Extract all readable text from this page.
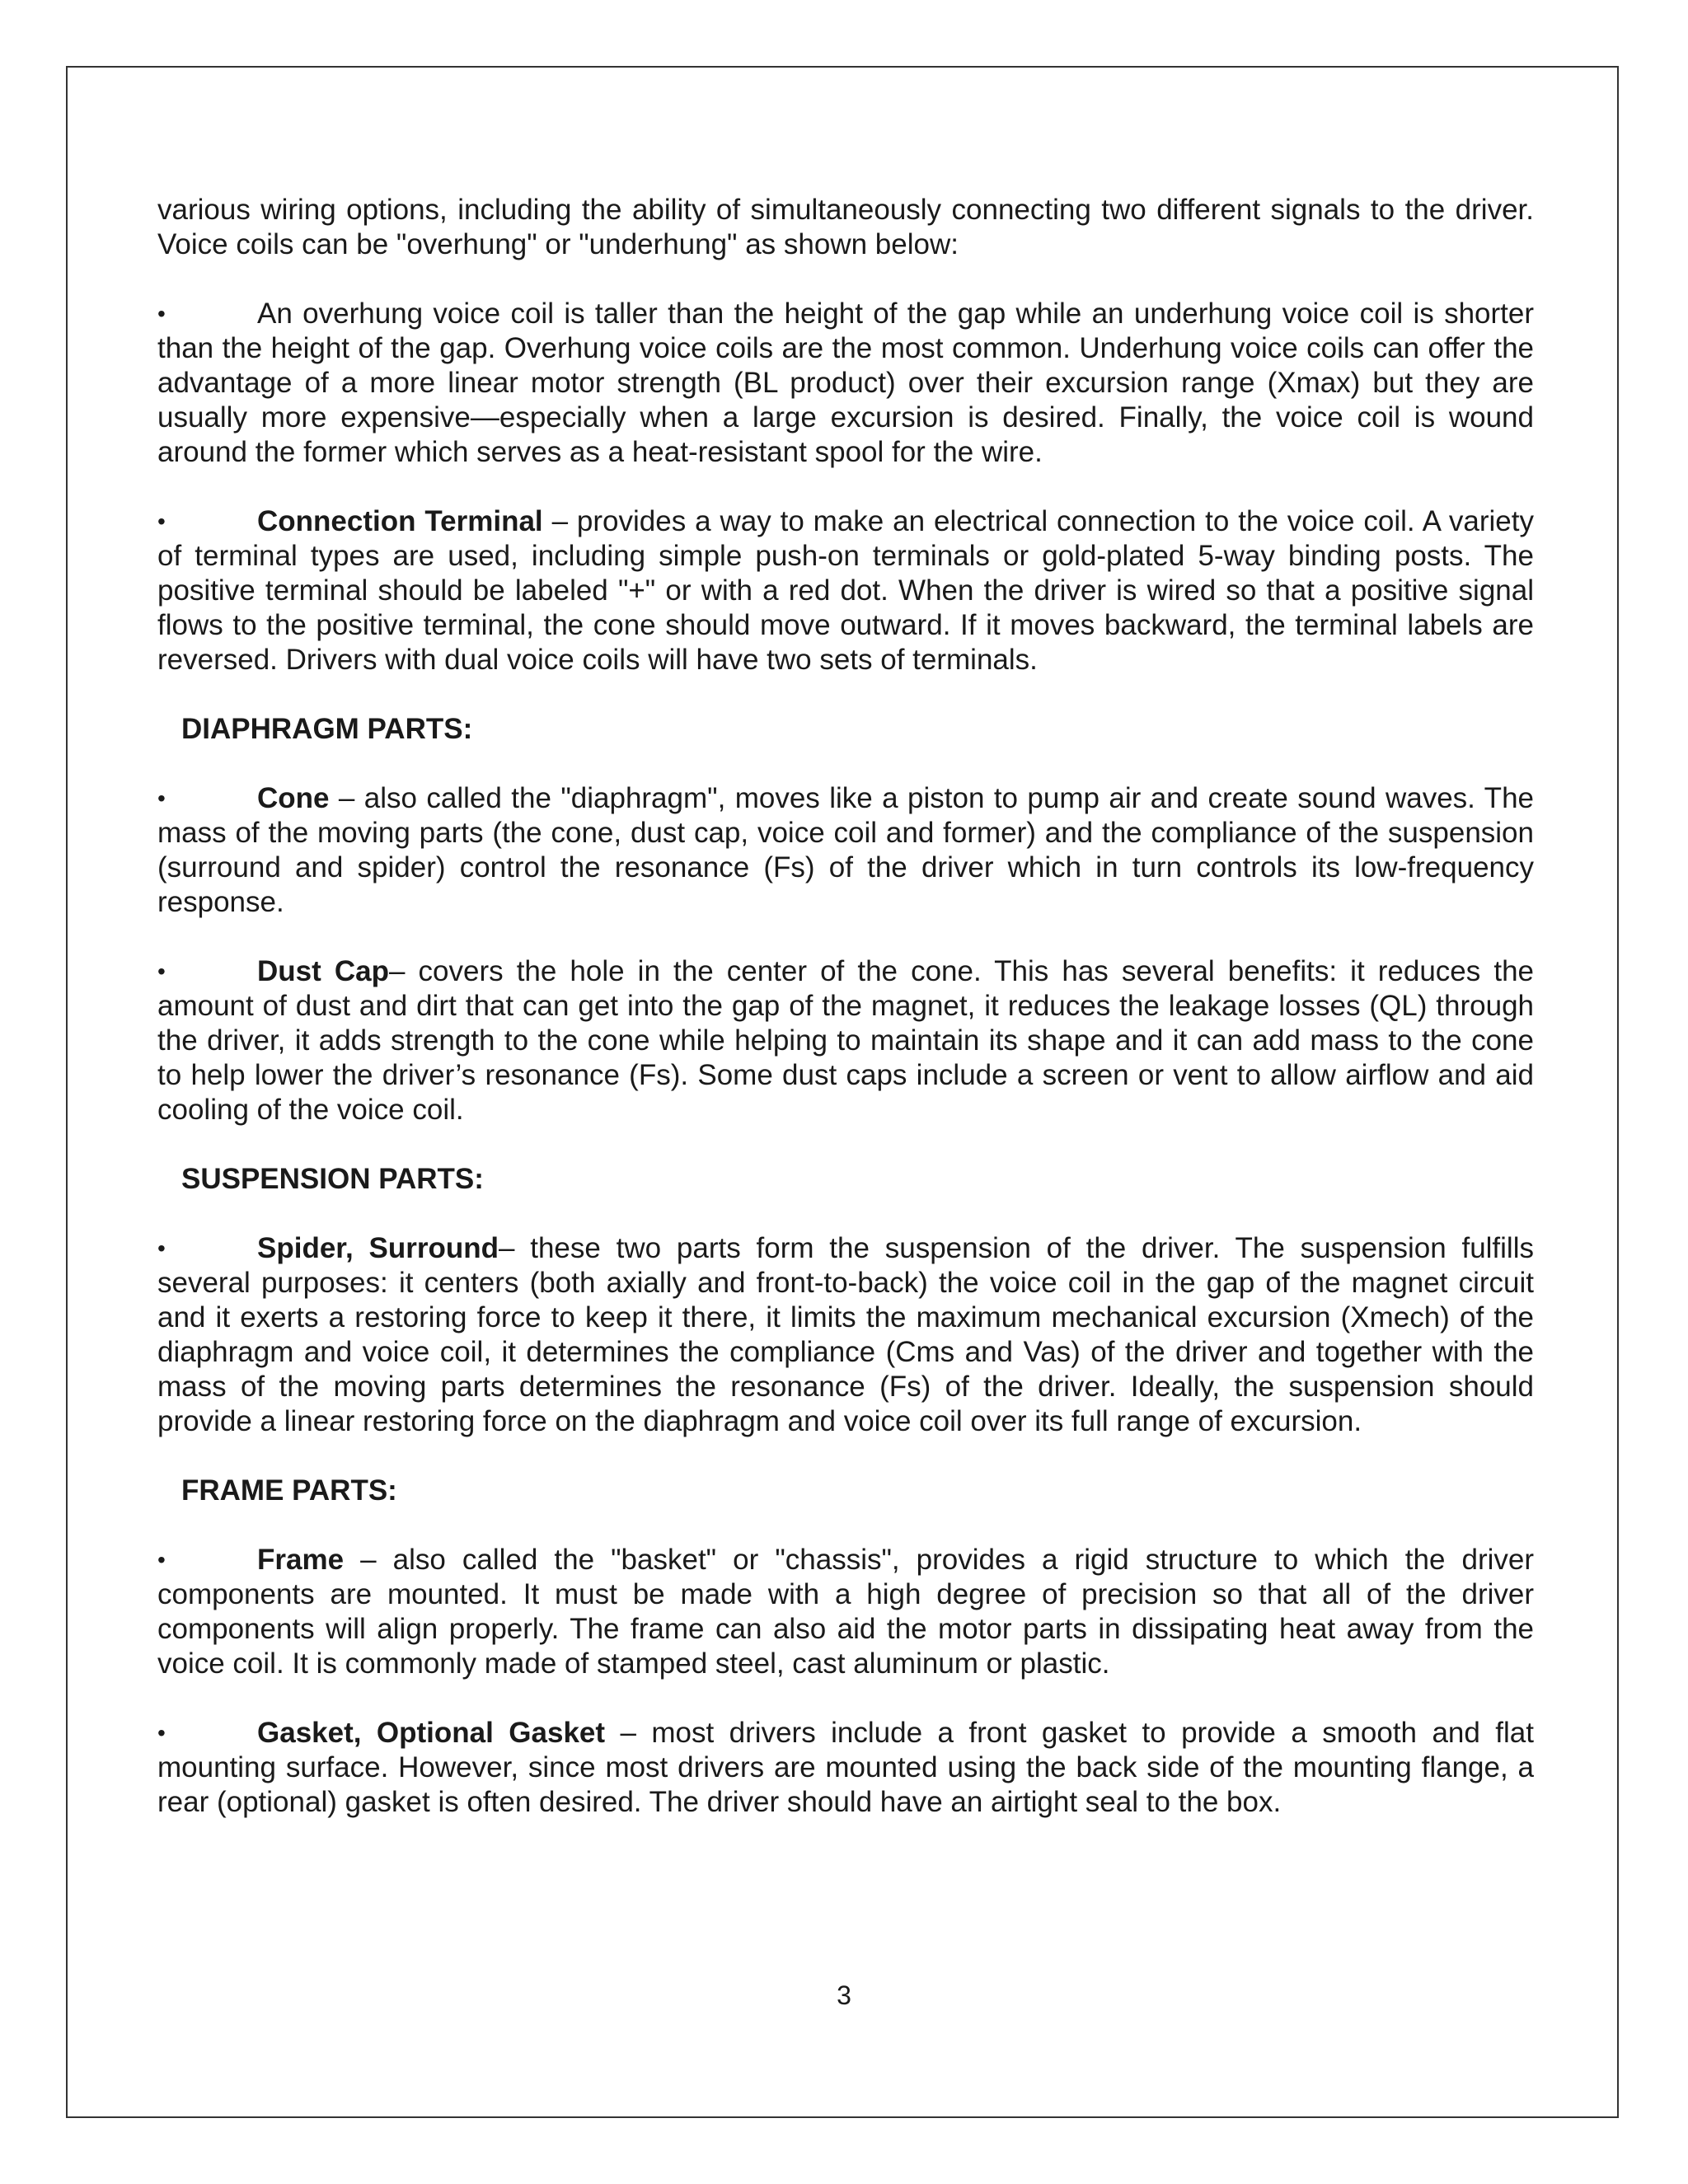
various wiring options, including the ability of simultaneously connecting two different signals to the driver. Voice coils can be "overhung" or "underhung" as shown below:

•	An overhung voice coil is taller than the height of the gap while an underhung voice coil is shorter than the height of the gap. Overhung voice coils are the most common. Underhung voice coils can offer the advantage of a more linear motor strength (BL product) over their excursion range (Xmax) but they are usually more expensive—especially when a large excursion is desired. Finally, the voice coil is wound around the former which serves as a heat-resistant spool for the wire.

•	Connection Terminal – provides a way to make an electrical connection to the voice coil. A variety of terminal types are used, including simple push-on terminals or gold-plated 5-way binding posts. The positive terminal should be labeled "+" or with a red dot. When the driver is wired so that a positive signal flows to the positive terminal, the cone should move outward. If it moves backward, the terminal labels are reversed. Drivers with dual voice coils will have two sets of terminals.

DIAPHRAGM PARTS:

•	Cone – also called the "diaphragm", moves like a piston to pump air and create sound waves. The mass of the moving parts (the cone, dust cap, voice coil and former) and the compliance of the suspension (surround and spider) control the resonance (Fs) of the driver which in turn controls its low-frequency response.

•	Dust Cap– covers the hole in the center of the cone. This has several benefits: it reduces the amount of dust and dirt that can get into the gap of the magnet, it reduces the leakage losses (QL) through the driver, it adds strength to the cone while helping to maintain its shape and it can add mass to the cone to help lower the driver’s resonance (Fs). Some dust caps include a screen or vent to allow airflow and aid cooling of the voice coil.

SUSPENSION PARTS:

•	Spider, Surround– these two parts form the suspension of the driver. The suspension fulfills several purposes: it centers (both axially and front-to-back) the voice coil in the gap of the magnet circuit and it exerts a restoring force to keep it there, it limits the maximum mechanical excursion (Xmech) of the diaphragm and voice coil, it determines the compliance (Cms and Vas) of the driver and together with the mass of the moving parts determines the resonance (Fs) of the driver. Ideally, the suspension should provide a linear restoring force on the diaphragm and voice coil over its full range of excursion.

FRAME PARTS:

•	Frame – also called the "basket" or "chassis", provides a rigid structure to which the driver components are mounted. It must be made with a high degree of precision so that all of the driver components will align properly. The frame can also aid the motor parts in dissipating heat away from the voice coil. It is commonly made of stamped steel, cast aluminum or plastic.

•	Gasket, Optional Gasket – most drivers include a front gasket to provide a smooth and flat mounting surface. However, since most drivers are mounted using the back side of the mounting flange, a rear (optional) gasket is often desired. The driver should have an airtight seal to the box.

3
